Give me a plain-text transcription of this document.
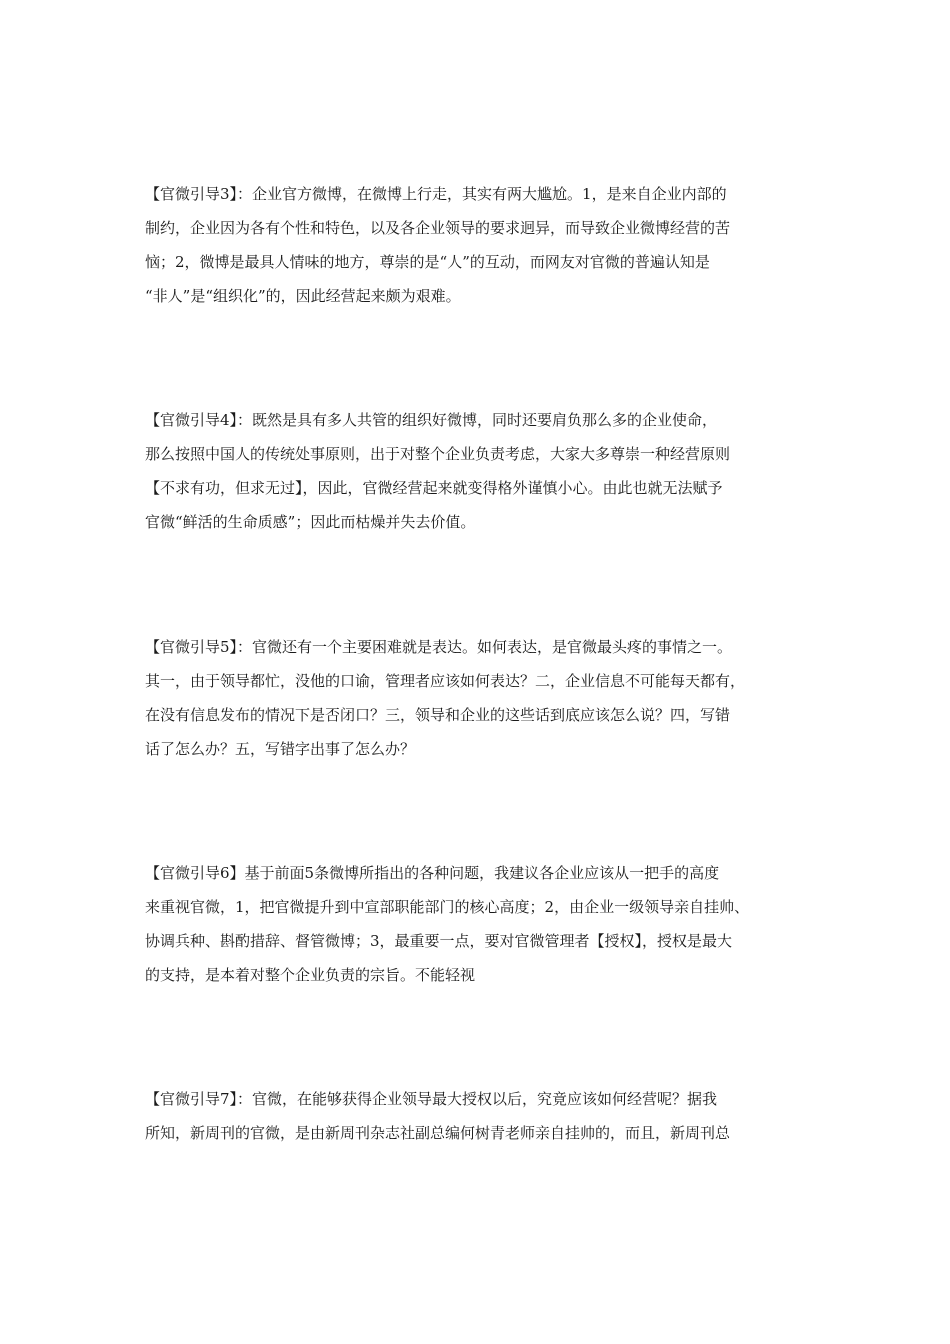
【官微引导3】：企业官方微博，在微博上行走，其实有两大尴尬。1，是来自企业内部的
制约，企业因为各有个性和特色，以及各企业领导的要求迥异，而导致企业微博经营的苦
恼；2，微博是最具人情味的地方，尊崇的是“人”的互动，而网友对官微的普遍认知是
“非人”是“组织化”的，因此经营起来颇为艰难。
【官微引导4】：既然是具有多人共管的组织好微博，同时还要肩负那么多的企业使命，
那么按照中国人的传统处事原则，出于对整个企业负责考虑，大家大多尊崇一种经营原则
【不求有功，但求无过】，因此，官微经营起来就变得格外谨慎小心。由此也就无法赋予
官微“鲜活的生命质感”；因此而枯燥并失去价值。
【官微引导5】：官微还有一个主要困难就是表达。如何表达，是官微最头疼的事情之一。
其一，由于领导都忙，没他的口谕，管理者应该如何表达？二，企业信息不可能每天都有，
在没有信息发布的情况下是否闭口？三，领导和企业的这些话到底应该怎么说？四，写错
话了怎么办？五，写错字出事了怎么办？
【官微引导6】基于前面5条微博所指出的各种问题，我建议各企业应该从一把手的高度
来重视官微，1，把官微提升到中宣部职能部门的核心高度；2，由企业一级领导亲自挂帅、
协调兵种、斟酌措辞、督管微博；3，最重要一点，要对官微管理者【授权】，授权是最大
的支持，是本着对整个企业负责的宗旨。不能轻视
【官微引导7】：官微，在能够获得企业领导最大授权以后，究竟应该如何经营呢？据我
所知，新周刊的官微，是由新周刊杂志社副总编何树青老师亲自挂帅的，而且，新周刊总
